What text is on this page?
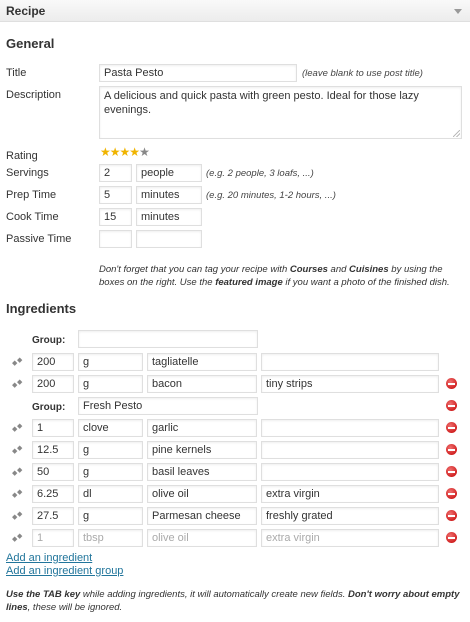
Recipe
General
Title	Pasta Pesto	(leave blank to use post title)
Description	A delicious and quick pasta with green pesto. Ideal for those lazy evenings.
Rating	★★★★★
Servings	2	people	(e.g. 2 people, 3 loafs, ...)
Prep Time	5	minutes	(e.g. 20 minutes, 1-2 hours, ...)
Cook Time	15	minutes
Passive Time
Don't forget that you can tag your recipe with Courses and Cuisines by using the boxes on the right. Use the featured image if you want a photo of the finished dish.
Ingredients
Group:
◆ ◆
200	g	tagliatelle
◆ ◆
200	g	bacon	tiny strips
Group:	Fresh Pesto
◆ ◆
1	clove	garlic
◆ ◆
12.5	g	pine kernels
◆ ◆
50	g	basil leaves
◆ ◆
6.25	dl	olive oil	extra virgin
◆ ◆
27.5	g	Parmesan cheese	freshly grated
◆ ◆
1	tbsp	olive oil	extra virgin
Add an ingredient
Add an ingredient group
Use the TAB key while adding ingredients, it will automatically create new fields. Don't worry about empty lines, these will be ignored.
